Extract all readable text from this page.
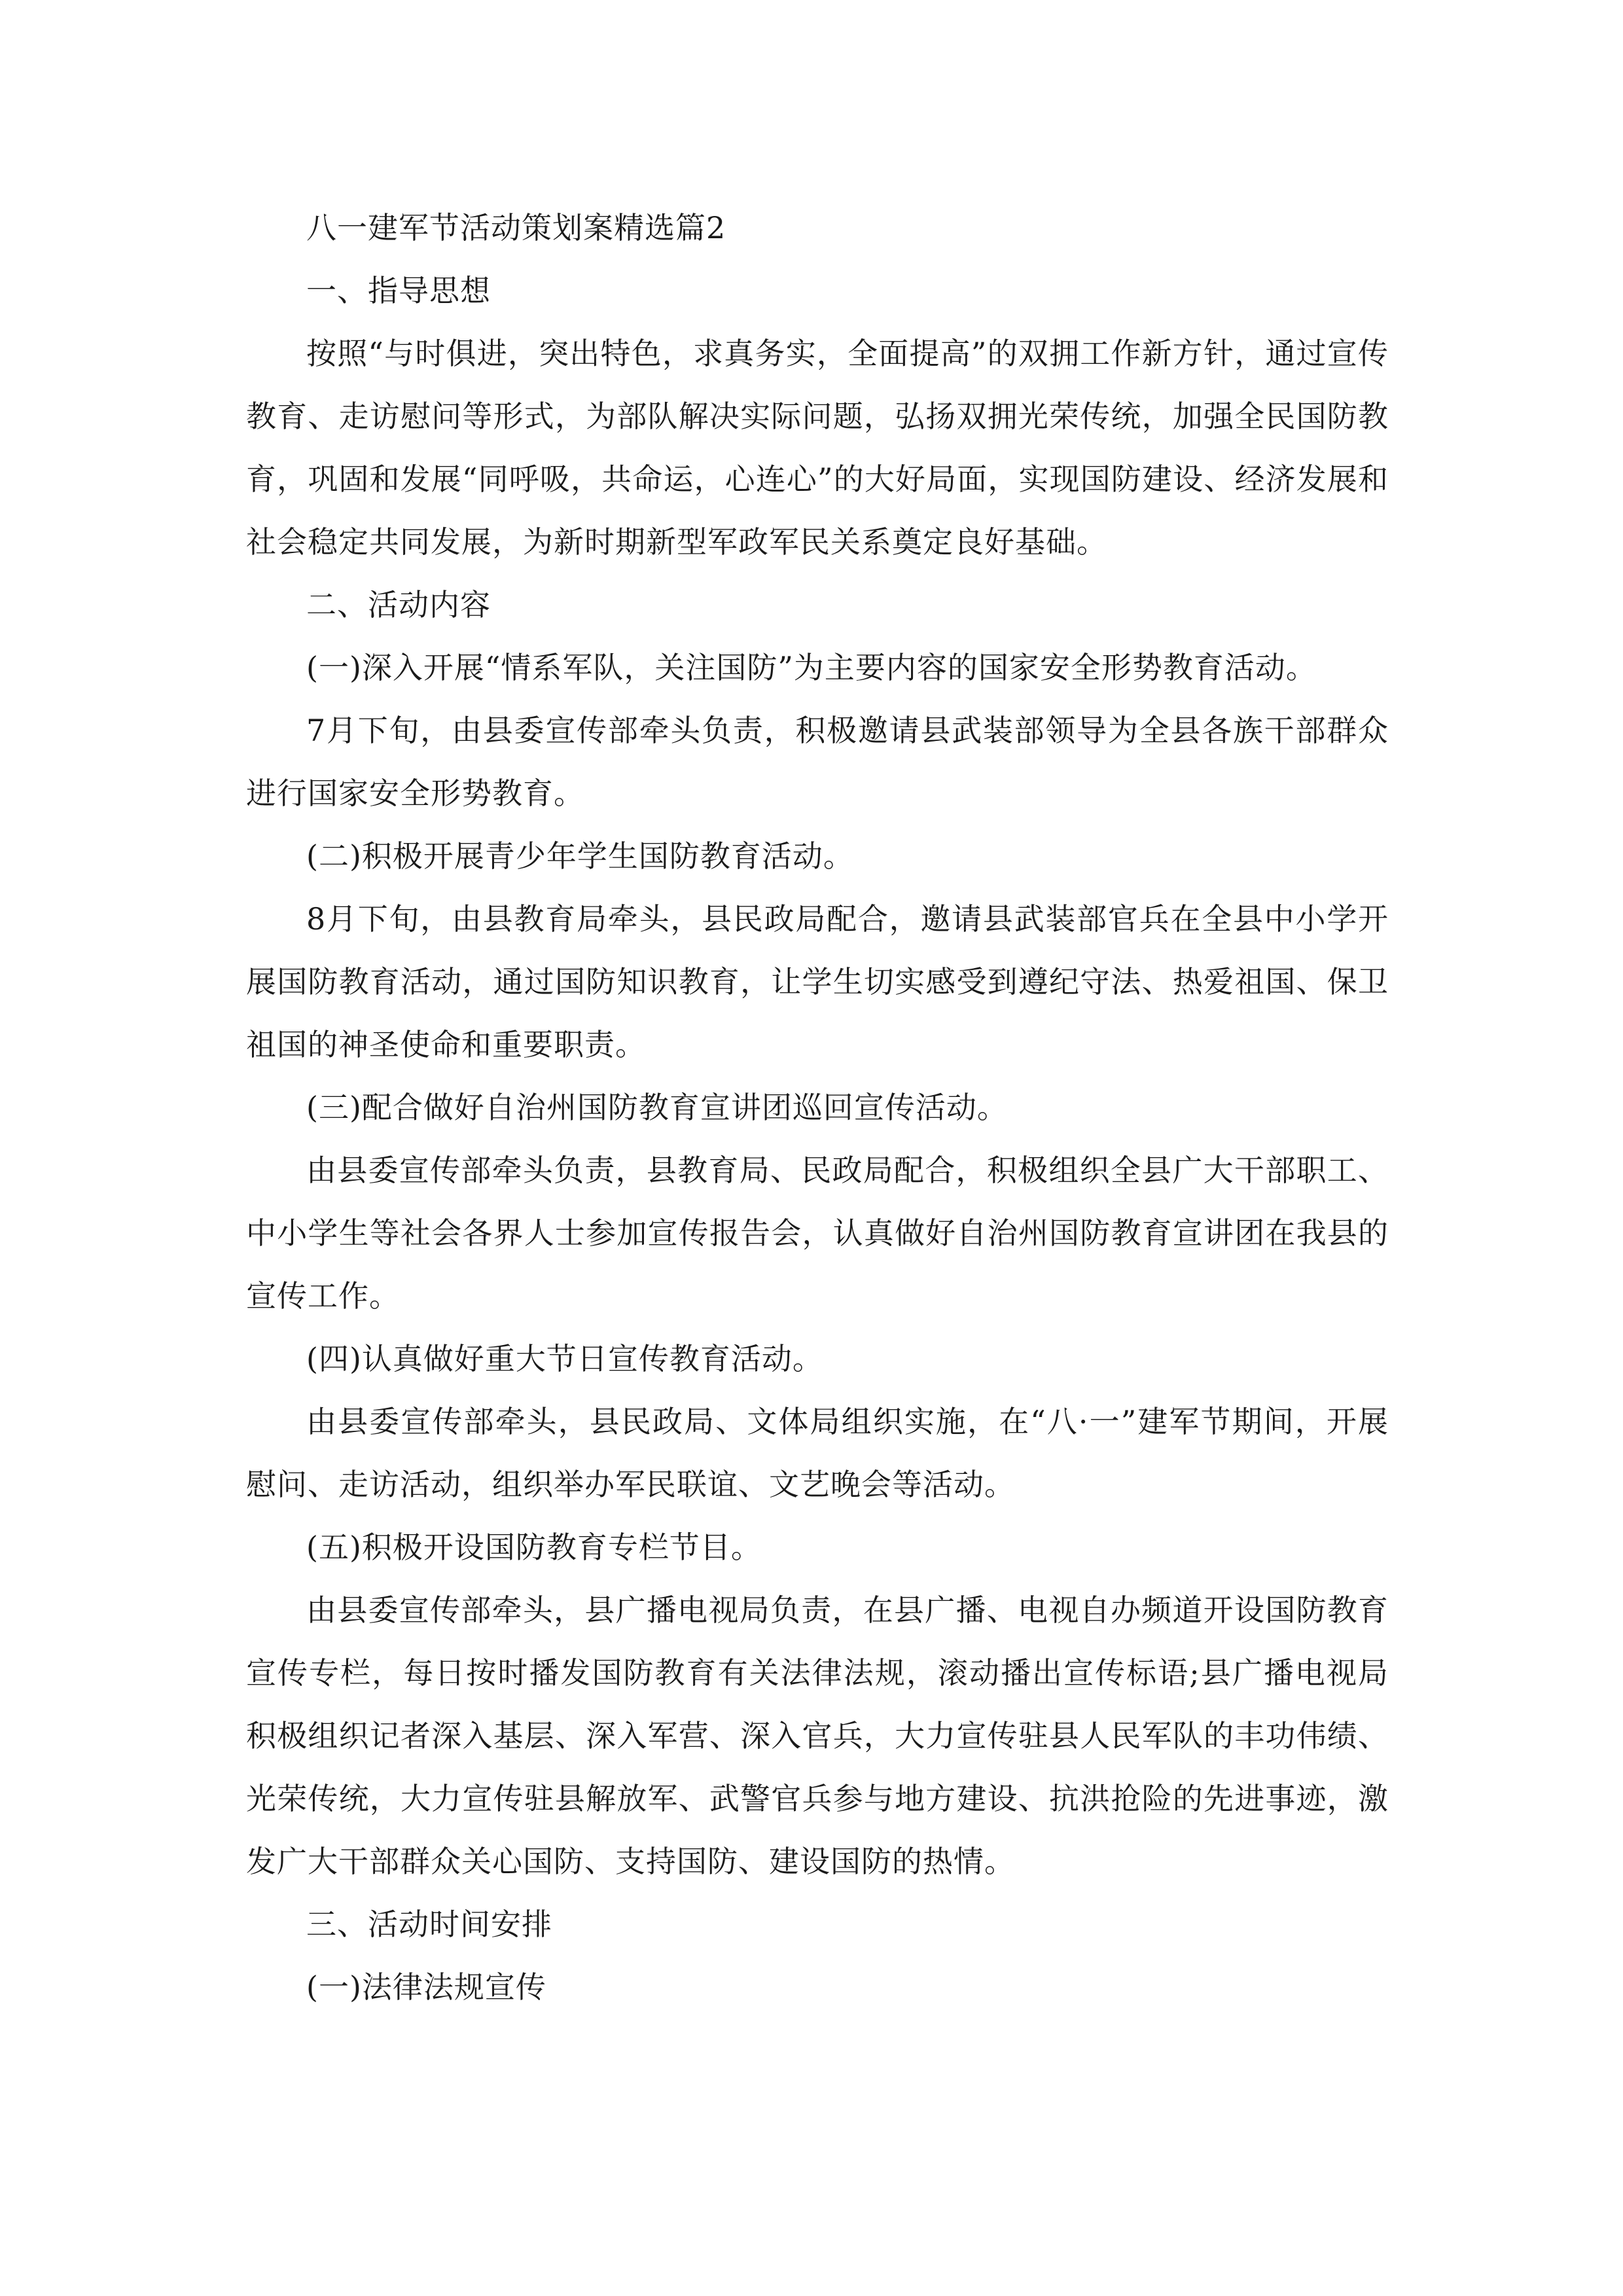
八一建军节活动策划案精选篇2

一、指导思想

按照“与时俱进，突出特色，求真务实，全面提高”的双拥工作新方针，通过宣传教育、走访慰问等形式，为部队解决实际问题，弘扬双拥光荣传统，加强全民国防教育，巩固和发展“同呼吸，共命运，心连心”的大好局面，实现国防建设、经济发展和社会稳定共同发展，为新时期新型军政军民关系奠定良好基础。

二、活动内容

(一)深入开展“情系军队，关注国防”为主要内容的国家安全形势教育活动。

7月下旬，由县委宣传部牵头负责，积极邀请县武装部领导为全县各族干部群众进行国家安全形势教育。

(二)积极开展青少年学生国防教育活动。

8月下旬，由县教育局牵头，县民政局配合，邀请县武装部官兵在全县中小学开展国防教育活动，通过国防知识教育，让学生切实感受到遵纪守法、热爱祖国、保卫祖国的神圣使命和重要职责。

(三)配合做好自治州国防教育宣讲团巡回宣传活动。

由县委宣传部牵头负责，县教育局、民政局配合，积极组织全县广大干部职工、中小学生等社会各界人士参加宣传报告会，认真做好自治州国防教育宣讲团在我县的宣传工作。

(四)认真做好重大节日宣传教育活动。

由县委宣传部牵头，县民政局、文体局组织实施，在“八·一”建军节期间，开展慰问、走访活动，组织举办军民联谊、文艺晚会等活动。

(五)积极开设国防教育专栏节目。

由县委宣传部牵头，县广播电视局负责，在县广播、电视自办频道开设国防教育宣传专栏，每日按时播发国防教育有关法律法规，滚动播出宣传标语;县广播电视局积极组织记者深入基层、深入军营、深入官兵，大力宣传驻县人民军队的丰功伟绩、光荣传统，大力宣传驻县解放军、武警官兵参与地方建设、抗洪抢险的先进事迹，激发广大干部群众关心国防、支持国防、建设国防的热情。

三、活动时间安排

(一)法律法规宣传
